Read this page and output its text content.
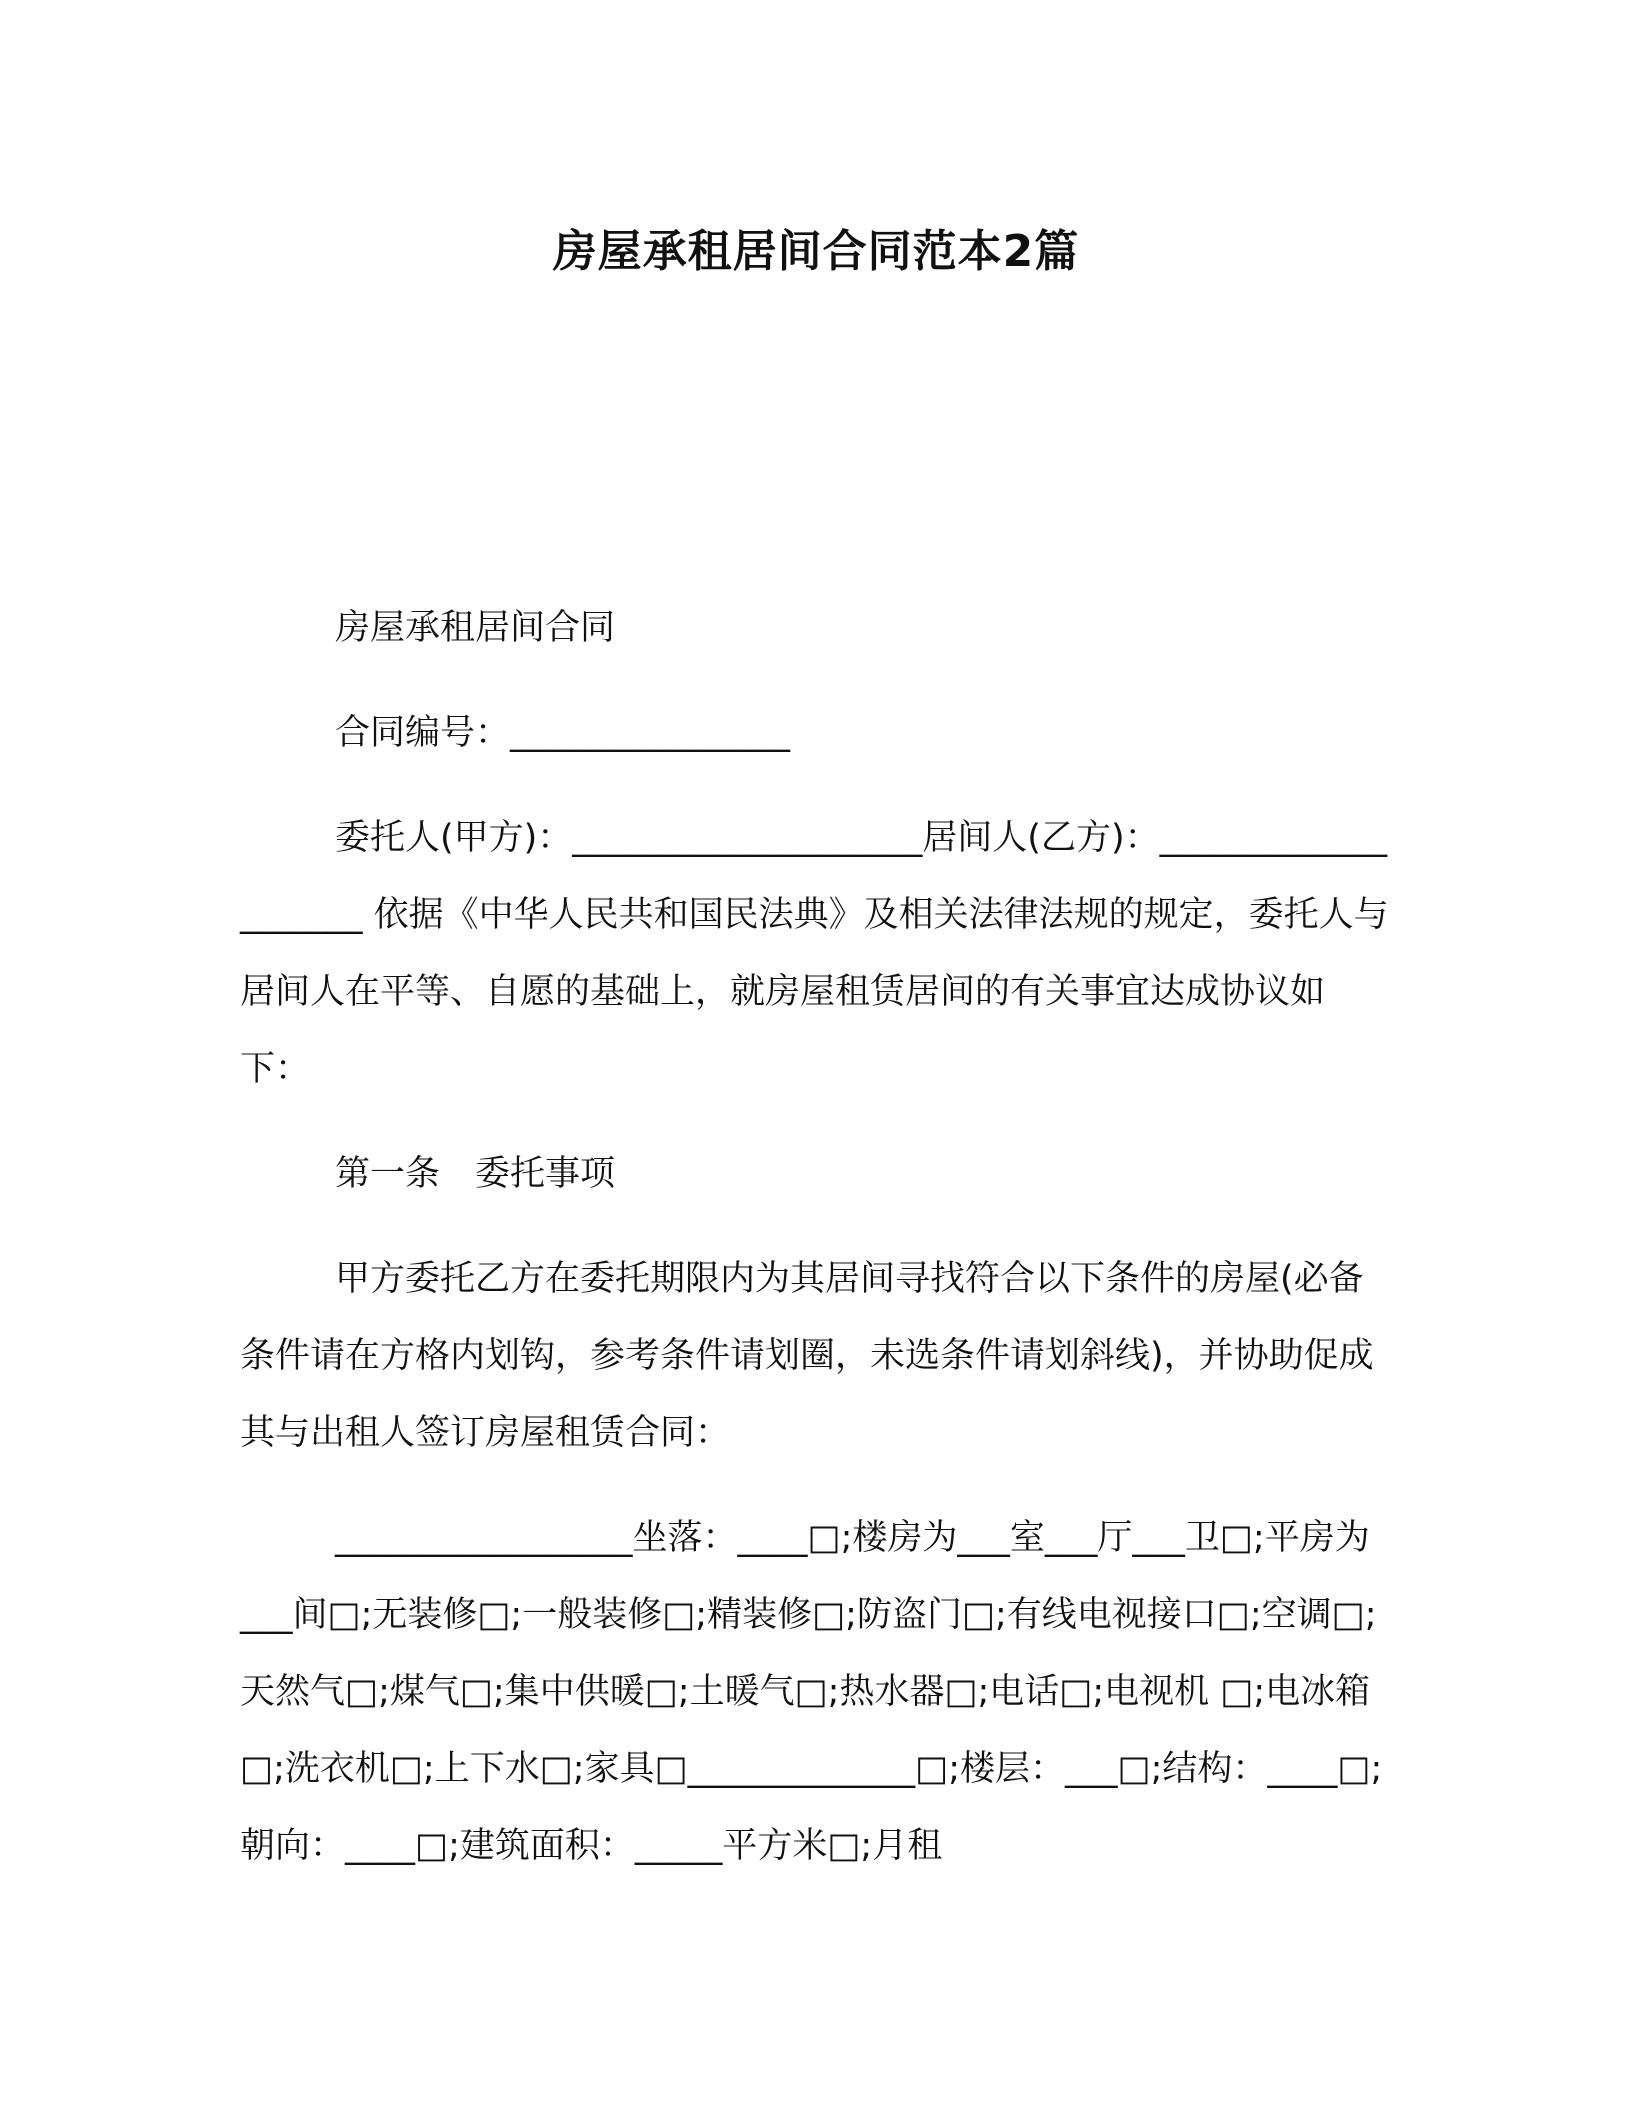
房屋承租居间合同范本2篇

房屋承租居间合同

合同编号：________________

委托人(甲方)：____________________居间人(乙方)：____________________ 依据《中华人民共和国民法典》及相关法律法规的规定，委托人与居间人在平等、自愿的基础上，就房屋租赁居间的有关事宜达成协议如下：

第一条　委托事项

甲方委托乙方在委托期限内为其居间寻找符合以下条件的房屋(必备条件请在方格内划钩，参考条件请划圈，未选条件请划斜线)，并协助促成其与出租人签订房屋租赁合同：

_________________坐落：____□;楼房为___室___厅___卫□;平房为 ___间□;无装修□;一般装修□;精装修□;防盗门□;有线电视接口□;空调□;天然气□;煤气□;集中供暖□;土暖气□;热水器□;电话□;电视机 □;电冰箱□;洗衣机□;上下水□;家具□_____________□;楼层：___□;结构：____□;朝向：____□;建筑面积：_____平方米□;月租
